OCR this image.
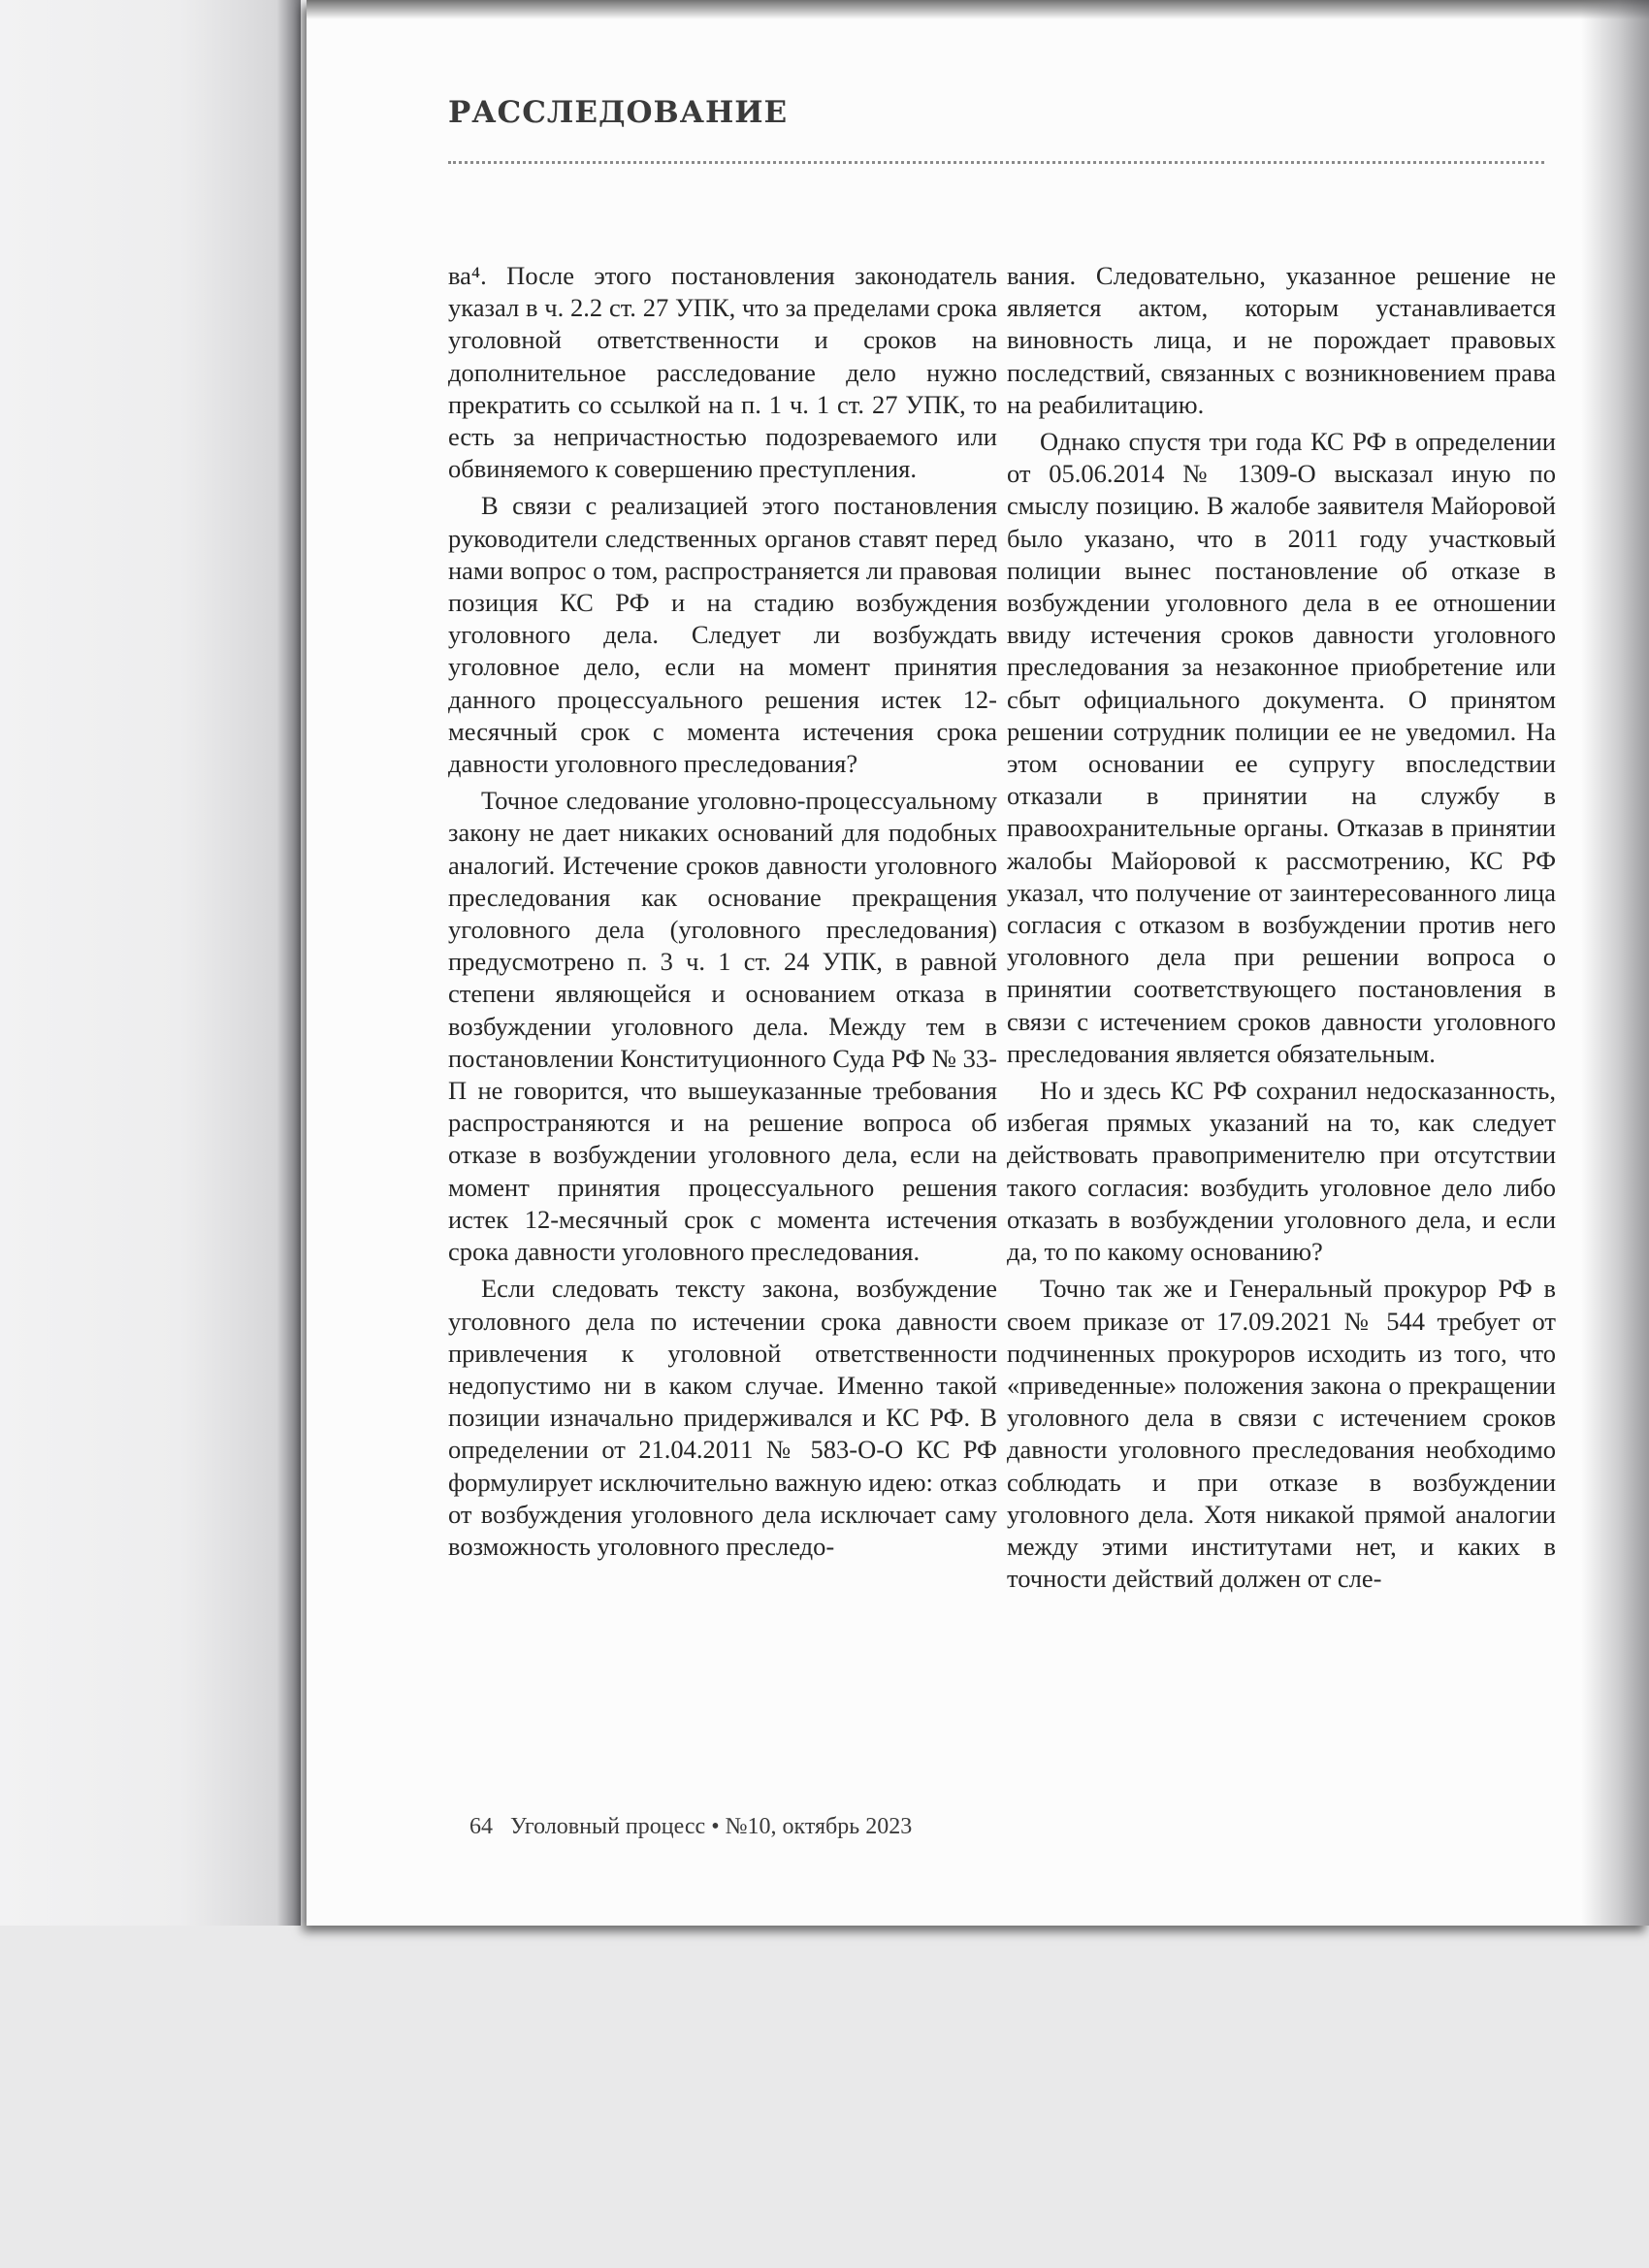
РАССЛЕДОВАНИЕ

ва⁴. После этого постановления законодатель указал в ч. 2.2 ст. 27 УПК, что за пределами срока уголовной ответственности и сроков на дополнительное расследование дело нужно прекратить со ссылкой на п. 1 ч. 1 ст. 27 УПК, то есть за непричастностью подозреваемого или обвиняемого к совершению преступления.

В связи с реализацией этого постановления руководители следственных органов ставят перед нами вопрос о том, распространяется ли правовая позиция КС РФ и на стадию возбуждения уголовного дела. Следует ли возбуждать уголовное дело, если на момент принятия данного процессуального решения истек 12-месячный срок с момента истечения срока давности уголовного преследования?

Точное следование уголовно-процессуальному закону не дает никаких оснований для подобных аналогий. Истечение сроков давности уголовного преследования как основание прекращения уголовного дела (уголовного преследования) предусмотрено п. 3 ч. 1 ст. 24 УПК, в равной степени являющейся и основанием отказа в возбуждении уголовного дела. Между тем в постановлении Конституционного Суда РФ № 33-П не говорится, что вышеуказанные требования распространяются и на решение вопроса об отказе в возбуждении уголовного дела, если на момент принятия процессуального решения истек 12-месячный срок с момента истечения срока давности уголовного преследования.

Если следовать тексту закона, возбуждение уголовного дела по истечении срока давности привлечения к уголовной ответственности недопустимо ни в каком случае. Именно такой позиции изначально придерживался и КС РФ. В определении от 21.04.2011 № 583-О-О КС РФ формулирует исключительно важную идею: отказ от возбуждения уголовного дела исключает саму возможность уголовного преследо-

вания. Следовательно, указанное решение не является актом, которым устанавливается виновность лица, и не порождает правовых последствий, связанных с возникновением права на реабилитацию.

Однако спустя три года КС РФ в определении от 05.06.2014 № 1309-О высказал иную по смыслу позицию. В жалобе заявителя Майоровой было указано, что в 2011 году участковый полиции вынес постановление об отказе в возбуждении уголовного дела в ее отношении ввиду истечения сроков давности уголовного преследования за незаконное приобретение или сбыт официального документа. О принятом решении сотрудник полиции ее не уведомил. На этом основании ее супругу впоследствии отказали в принятии на службу в правоохранительные органы. Отказав в принятии жалобы Майоровой к рассмотрению, КС РФ указал, что получение от заинтересованного лица согласия с отказом в возбуждении против него уголовного дела при решении вопроса о принятии соответствующего постановления в связи с истечением сроков давности уголовного преследования является обязательным.

Но и здесь КС РФ сохранил недосказанность, избегая прямых указаний на то, как следует действовать правоприменителю при отсутствии такого согласия: возбудить уголовное дело либо отказать в возбуждении уголовного дела, и если да, то по какому основанию?

Точно так же и Генеральный прокурор РФ в своем приказе от 17.09.2021 № 544 требует от подчиненных прокуроров исходить из того, что «приведенные» положения закона о прекращении уголовного дела в связи с истечением сроков давности уголовного преследования необходимо соблюдать и при отказе в возбуждении уголовного дела. Хотя никакой прямой аналогии между этими институтами нет, и каких в точности действий должен от сле-

64 Уголовный процесс • №10, октябрь 2023
